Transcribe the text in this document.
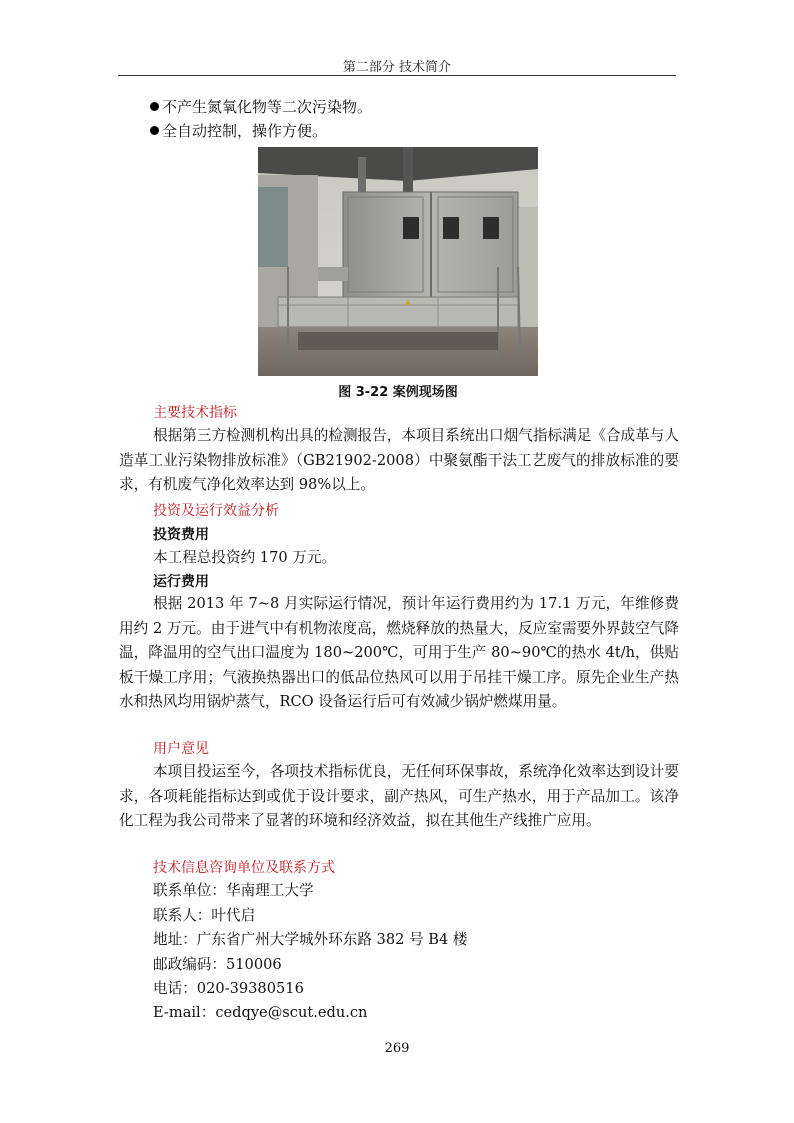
第二部分 技术简介
不产生氮氧化物等二次污染物。
全自动控制，操作方便。
图 3-22 案例现场图
主要技术指标
根据第三方检测机构出具的检测报告，本项目系统出口烟气指标满足《合成革与人造革工业污染物排放标准》（GB21902-2008）中聚氨酯干法工艺废气的排放标准的要求，有机废气净化效率达到 98%以上。
投资及运行效益分析
投资费用
本工程总投资约 170 万元。
运行费用
根据 2013 年 7~8 月实际运行情况，预计年运行费用约为 17.1 万元，年维修费用约 2 万元。由于进气中有机物浓度高，燃烧释放的热量大，反应室需要外界鼓空气降温，降温用的空气出口温度为 180~200℃，可用于生产 80~90℃的热水 4t/h，供贴板干燥工序用；气液换热器出口的低品位热风可以用于吊挂干燥工序。原先企业生产热水和热风均用锅炉蒸气，RCO 设备运行后可有效减少锅炉燃煤用量。
用户意见
本项目投运至今，各项技术指标优良，无任何环保事故，系统净化效率达到设计要求，各项耗能指标达到或优于设计要求，副产热风，可生产热水，用于产品加工。该净化工程为我公司带来了显著的环境和经济效益，拟在其他生产线推广应用。
技术信息咨询单位及联系方式
联系单位：华南理工大学
联系人：叶代启
地址：广东省广州大学城外环东路 382 号 B4 楼
邮政编码：510006
电话：020-39380516
E-mail：cedqye@scut.edu.cn
269
